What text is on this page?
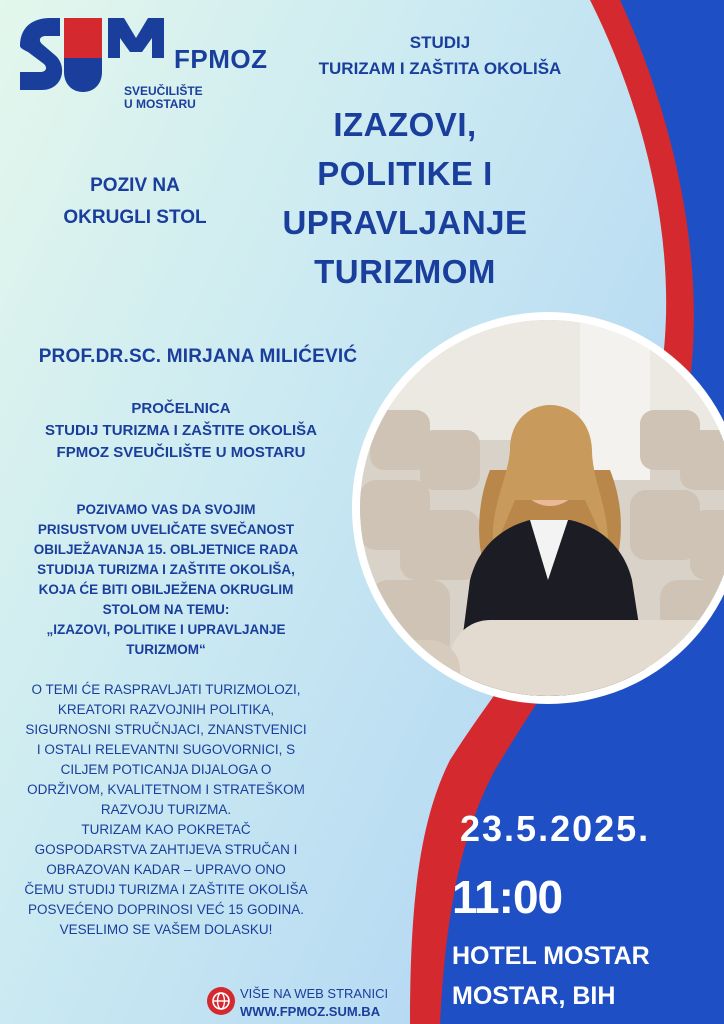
FPMOZ
SVEUČILIŠTE
U MOSTARU
STUDIJ
TURIZAM I ZAŠTITA OKOLIŠA
IZAZOVI,
POLITIKE I
UPRAVLJANJE
TURIZMOM
POZIV NA
OKRUGLI STOL
PROF.DR.SC. MIRJANA MILIĆEVIĆ
PROČELNICA
STUDIJ TURIZMA I ZAŠTITE OKOLIŠA
FPMOZ SVEUČILIŠTE U MOSTARU

POZIVAMO VAS DA SVOJIM

PRISUSTVOM UVELIČATE SVEČANOST

OBILJEŽAVANJA 15. OBLJETNICE RADA

STUDIJA TURIZMA I ZAŠTITE OKOLIŠA,

KOJA ĆE BITI OBILJEŽENA OKRUGLIM

STOLOM NA TEMU:

„IZAZOVI, POLITIKE I UPRAVLJANJE

TURIZMOM“

O TEMI ĆE RASPRAVLJATI TURIZMOLOZI,

KREATORI RAZVOJNIH POLITIKA,

SIGURNOSNI STRUČNJACI, ZNANSTVENICI

I OSTALI RELEVANTNI SUGOVORNICI, S

CILJEM POTICANJA DIJALOGA O

ODRŽIVOM, KVALITETNOM I STRATEŠKOM

RAZVOJU TURIZMA.

TURIZAM KAO POKRETAČ

GOSPODARSTVA ZAHTIJEVA STRUČAN I

OBRAZOVAN KADAR – UPRAVO ONO

ČEMU STUDIJ TURIZMA I ZAŠTITE OKOLIŠA

POSVEĆENO DOPRINOSI VEĆ 15 GODINA.

VESELIMO SE VAŠEM DOLASKU!

23.5.2025.
11:00
HOTEL MOSTAR
MOSTAR, BIH
VIŠE NA WEB STRANICI
WWW.FPMOZ.SUM.BA
